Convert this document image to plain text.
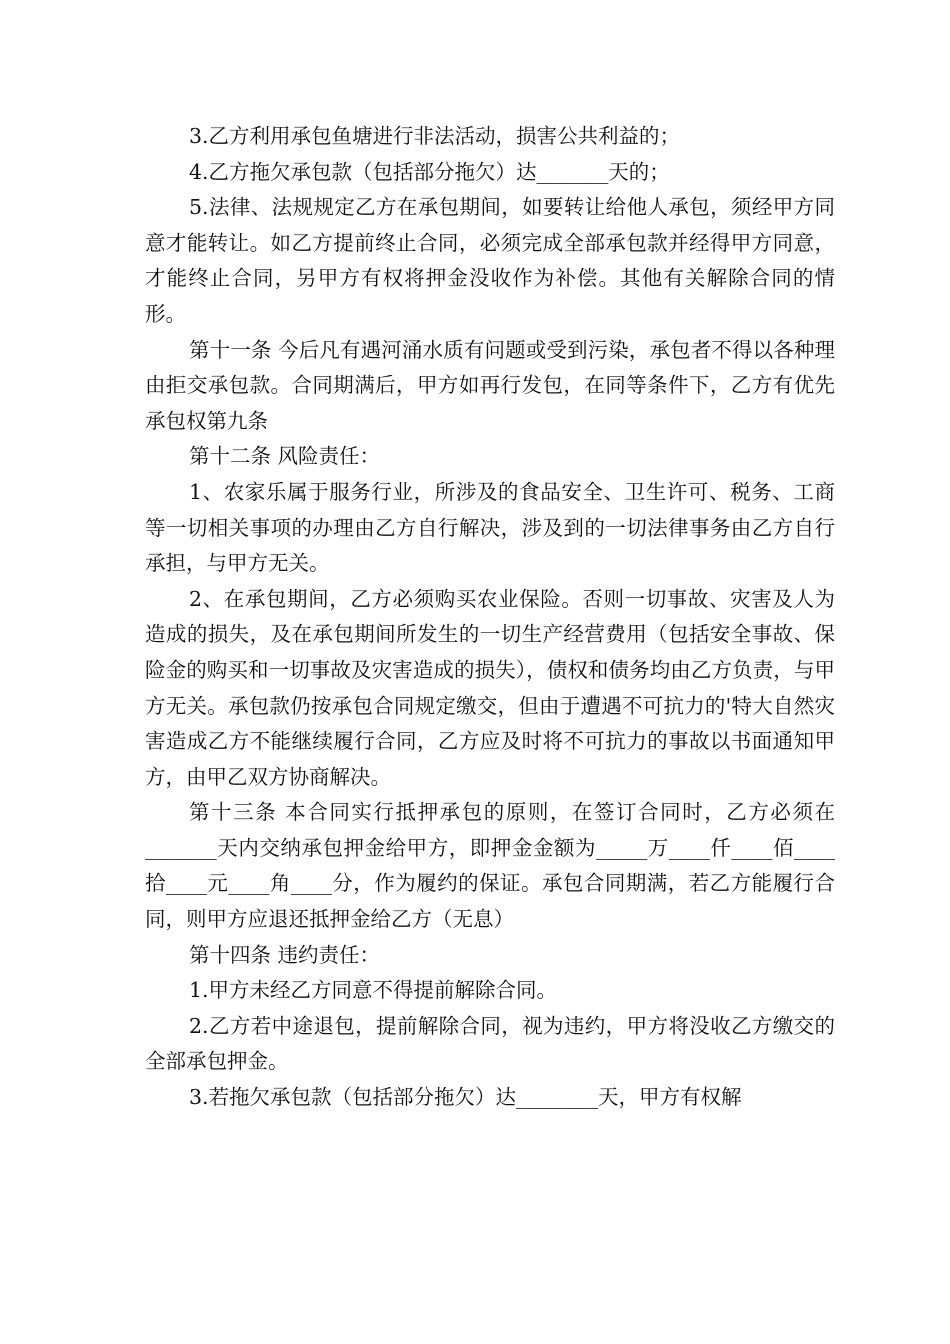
3.乙方利用承包鱼塘进行非法活动，损害公共利益的；

4.乙方拖欠承包款（包括部分拖欠）达_______天的；

5.法律、法规规定乙方在承包期间，如要转让给他人承包，须经甲方同意才能转让。如乙方提前终止合同，必须完成全部承包款并经得甲方同意，才能终止合同，另甲方有权将押金没收作为补偿。其他有关解除合同的情形。

第十一条 今后凡有遇河涌水质有问题或受到污染，承包者不得以各种理由拒交承包款。合同期满后，甲方如再行发包，在同等条件下，乙方有优先承包权第九条

第十二条 风险责任：

1、农家乐属于服务行业，所涉及的食品安全、卫生许可、税务、工商等一切相关事项的办理由乙方自行解决，涉及到的一切法律事务由乙方自行承担，与甲方无关。

2、在承包期间，乙方必须购买农业保险。否则一切事故、灾害及人为造成的损失，及在承包期间所发生的一切生产经营费用（包括安全事故、保险金的购买和一切事故及灾害造成的损失），债权和债务均由乙方负责，与甲方无关。承包款仍按承包合同规定缴交，但由于遭遇不可抗力的'特大自然灾害造成乙方不能继续履行合同，乙方应及时将不可抗力的事故以书面通知甲方，由甲乙双方协商解决。

第十三条 本合同实行抵押承包的原则，在签订合同时，乙方必须在_______天内交纳承包押金给甲方，即押金金额为_____万____仟____佰____拾____元____角____分，作为履约的保证。承包合同期满，若乙方能履行合同，则甲方应退还抵押金给乙方（无息）

第十四条 违约责任：

1.甲方未经乙方同意不得提前解除合同。

2.乙方若中途退包，提前解除合同，视为违约，甲方将没收乙方缴交的全部承包押金。

3.若拖欠承包款（包括部分拖欠）达________天，甲方有权解
